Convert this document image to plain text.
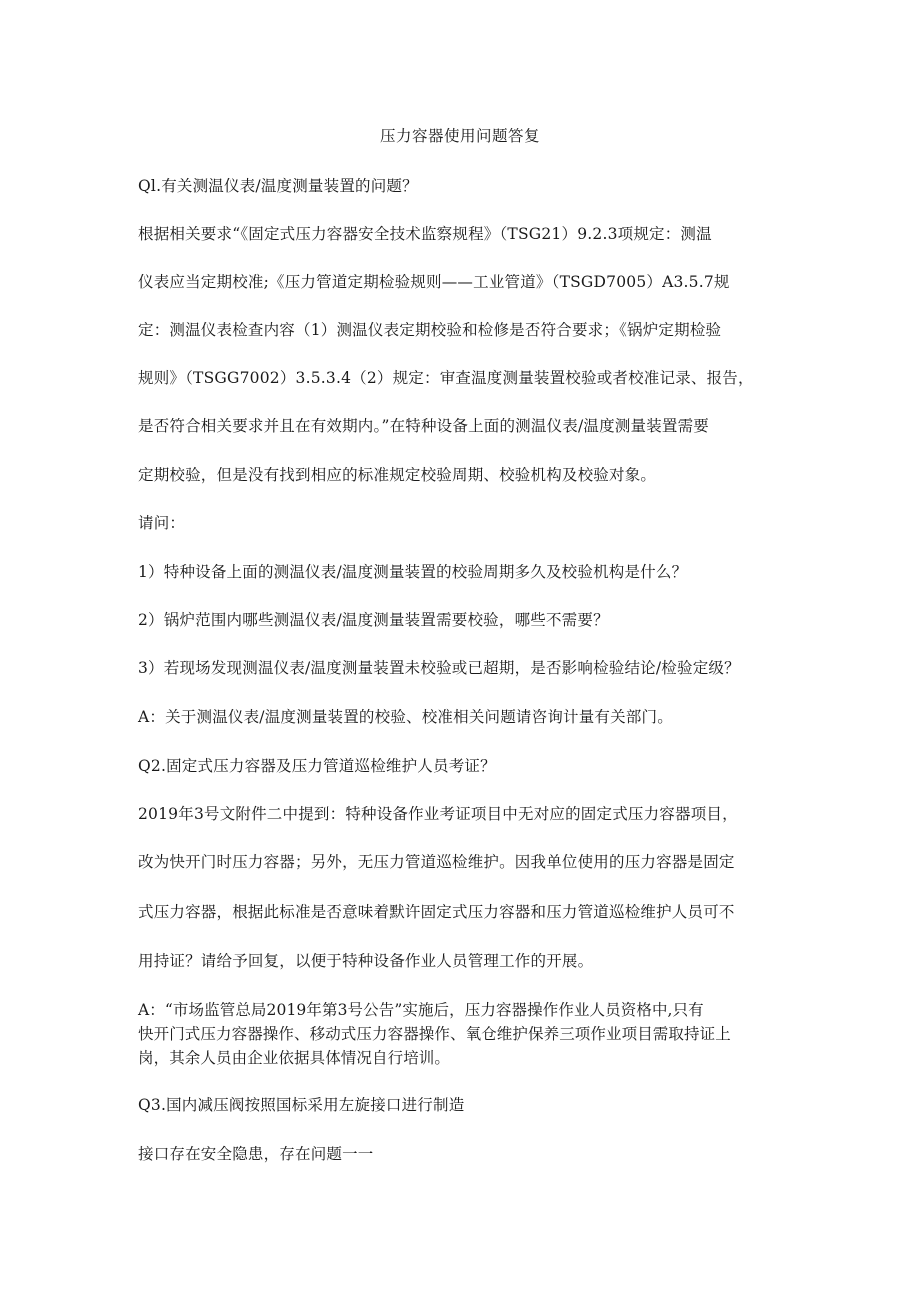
压力容器使用问题答复
Ql.有关测温仪表/温度测量装置的问题？
根据相关要求“《固定式压力容器安全技术监察规程》（TSG21）9.2.3项规定：测温
仪表应当定期校准;《压力管道定期检验规则——工业管道》（TSGD7005）A3.5.7规
定：测温仪表检查内容（1）测温仪表定期校验和检修是否符合要求；《锅炉定期检验
规则》（TSGG7002）3.5.3.4（2）规定：审查温度测量装置校验或者校准记录、报告，
是否符合相关要求并且在有效期内。”在特种设备上面的测温仪表/温度测量装置需要
定期校验，但是没有找到相应的标准规定校验周期、校验机构及校验对象。
请问：
1）特种设备上面的测温仪表/温度测量装置的校验周期多久及校验机构是什么？
2）锅炉范围内哪些测温仪表/温度测量装置需要校验，哪些不需要？
3）若现场发现测温仪表/温度测量装置未校验或已超期，是否影响检验结论/检验定级？
A：关于测温仪表/温度测量装置的校验、校准相关问题请咨询计量有关部门。
Q2.固定式压力容器及压力管道巡检维护人员考证？
2019年3号文附件二中提到：特种设备作业考证项目中无对应的固定式压力容器项目，
改为快开门时压力容器；另外，无压力管道巡检维护。因我单位使用的压力容器是固定
式压力容器，根据此标准是否意味着默许固定式压力容器和压力管道巡检维护人员可不
用持证？请给予回复，以便于特种设备作业人员管理工作的开展。
A：“市场监管总局2019年第3号公告”实施后，压力容器操作作业人员资格中,只有
快开门式压力容器操作、移动式压力容器操作、氧仓维护保养三项作业项目需取持证上
岗，其余人员由企业依据具体情况自行培训。
Q3.国内减压阀按照国标采用左旋接口进行制造
接口存在安全隐患，存在问题一一
